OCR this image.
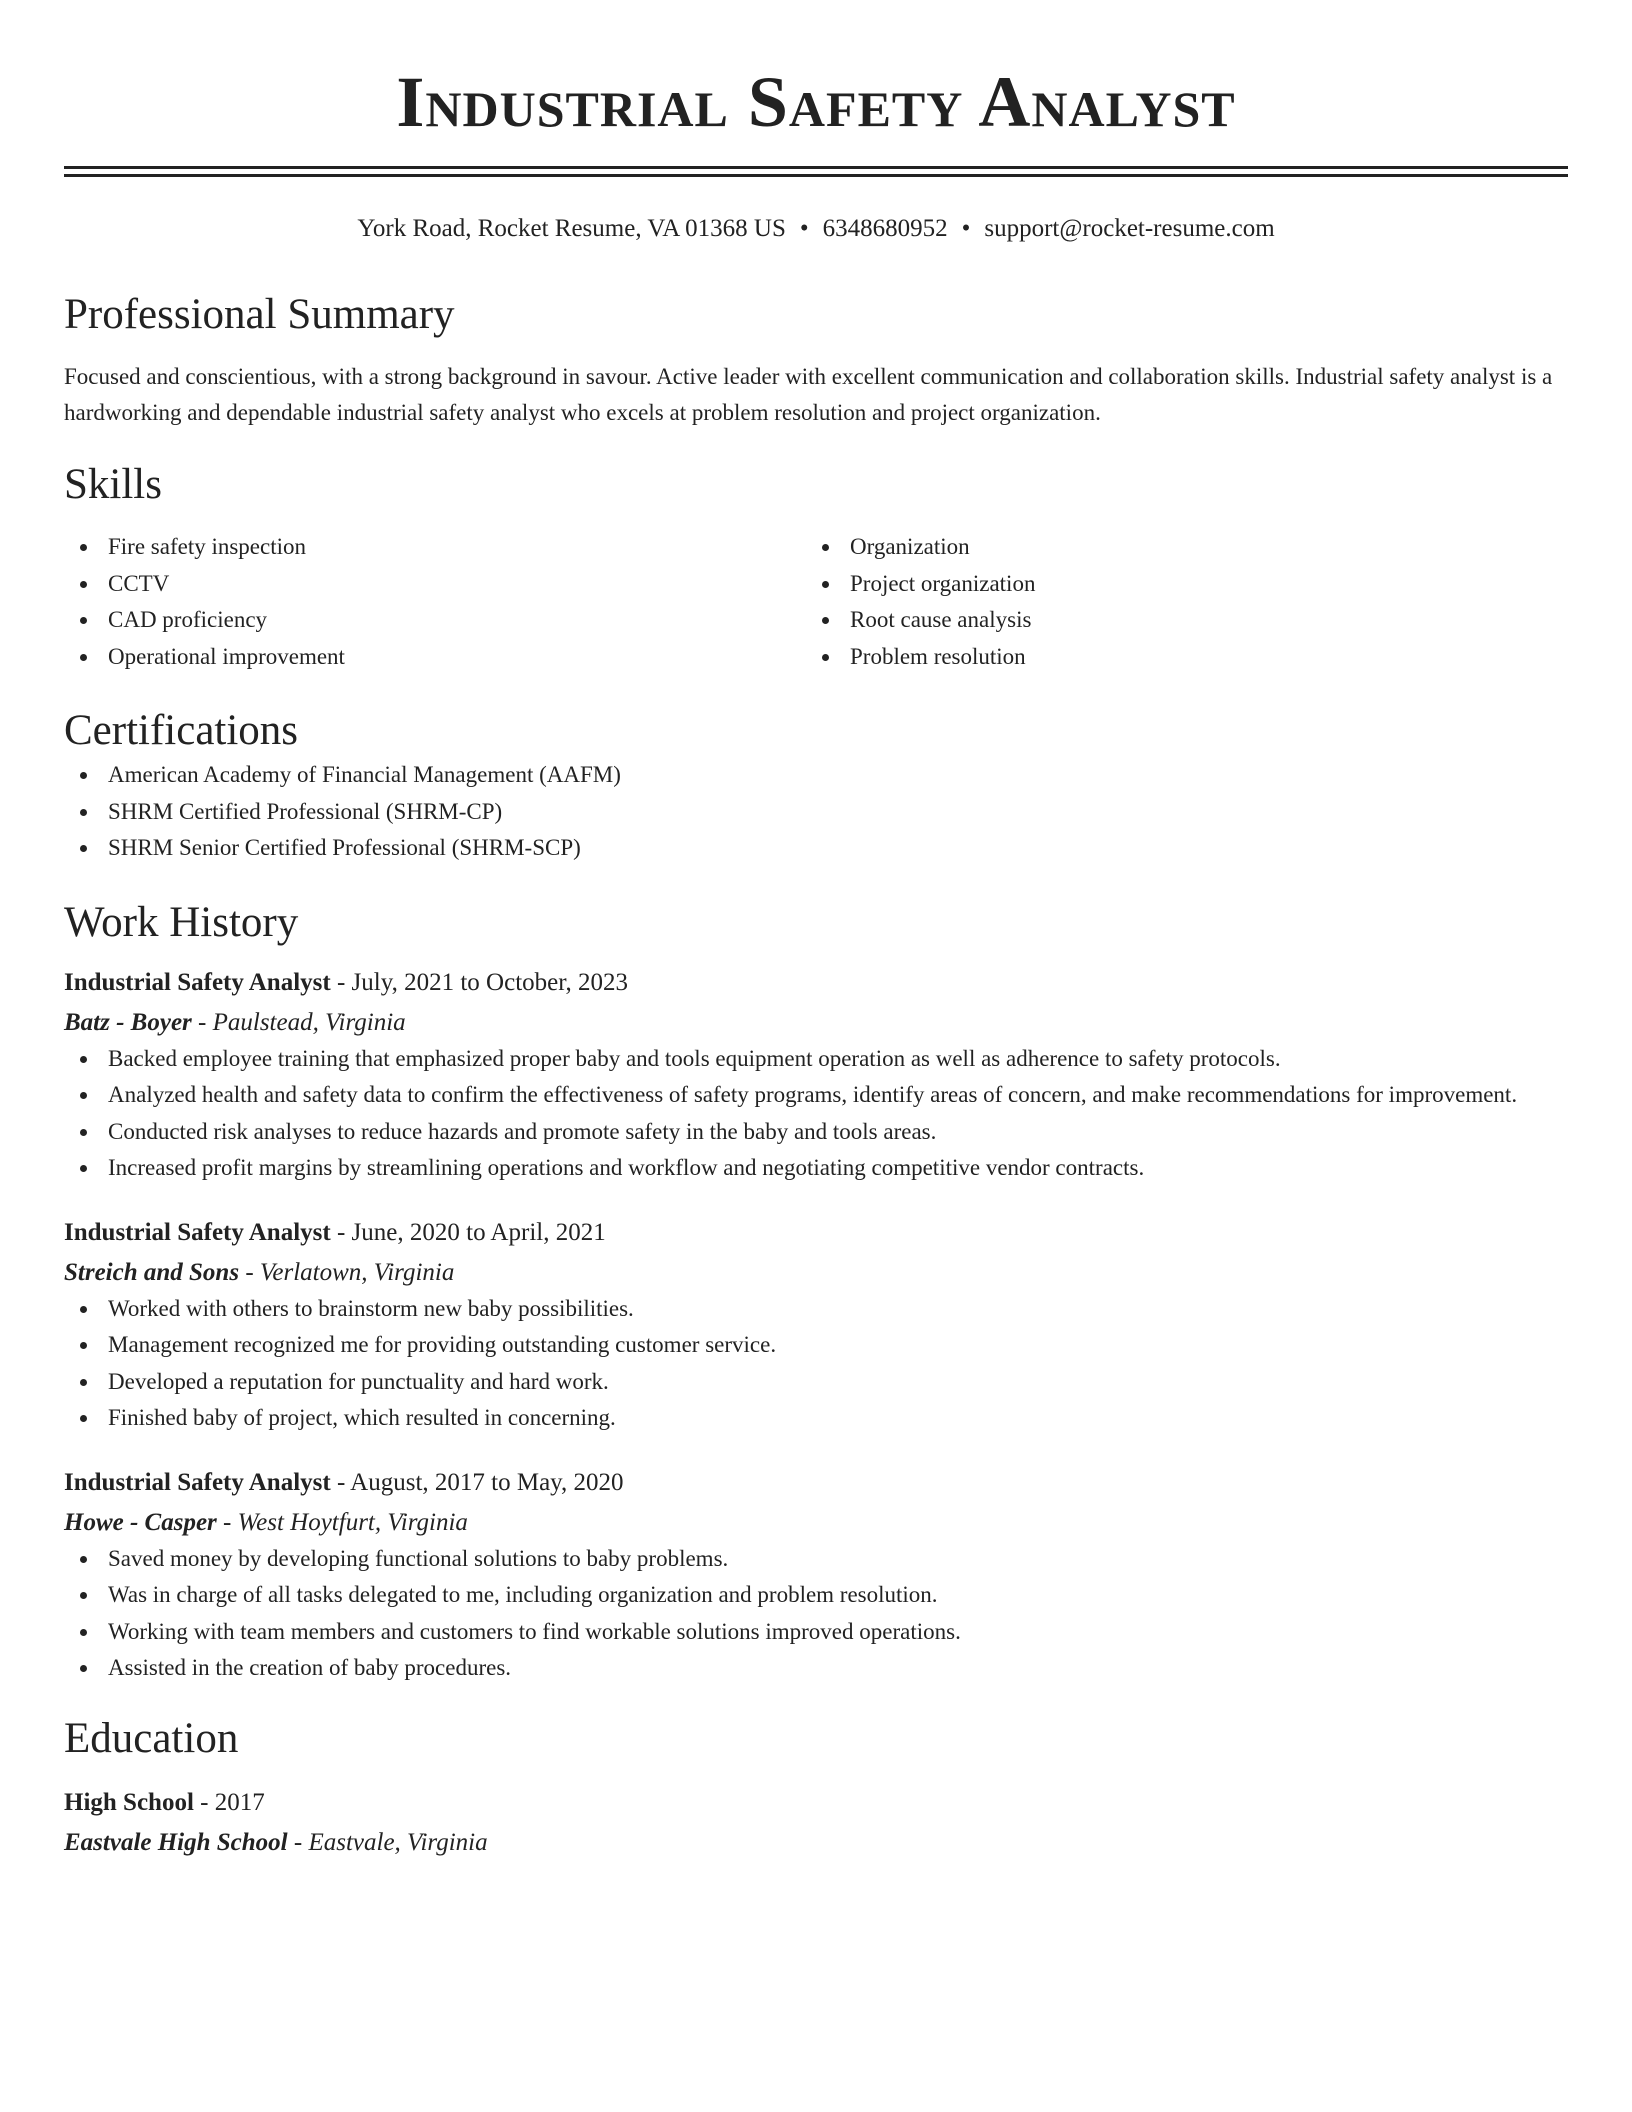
Industrial Safety Analyst
York Road, Rocket Resume, VA 01368 US • 6348680952 • support@rocket-resume.com
Professional Summary
Focused and conscientious, with a strong background in savour. Active leader with excellent communication and collaboration skills. Industrial safety analyst is a hardworking and dependable industrial safety analyst who excels at problem resolution and project organization.
Skills
Fire safety inspection
CCTV
CAD proficiency
Operational improvement
Organization
Project organization
Root cause analysis
Problem resolution
Certifications
American Academy of Financial Management (AAFM)
SHRM Certified Professional (SHRM-CP)
SHRM Senior Certified Professional (SHRM-SCP)
Work History
Industrial Safety Analyst - July, 2021 to October, 2023
Batz - Boyer - Paulstead, Virginia
Backed employee training that emphasized proper baby and tools equipment operation as well as adherence to safety protocols.
Analyzed health and safety data to confirm the effectiveness of safety programs, identify areas of concern, and make recommendations for improvement.
Conducted risk analyses to reduce hazards and promote safety in the baby and tools areas.
Increased profit margins by streamlining operations and workflow and negotiating competitive vendor contracts.
Industrial Safety Analyst - June, 2020 to April, 2021
Streich and Sons - Verlatown, Virginia
Worked with others to brainstorm new baby possibilities.
Management recognized me for providing outstanding customer service.
Developed a reputation for punctuality and hard work.
Finished baby of project, which resulted in concerning.
Industrial Safety Analyst - August, 2017 to May, 2020
Howe - Casper - West Hoytfurt, Virginia
Saved money by developing functional solutions to baby problems.
Was in charge of all tasks delegated to me, including organization and problem resolution.
Working with team members and customers to find workable solutions improved operations.
Assisted in the creation of baby procedures.
Education
High School - 2017
Eastvale High School - Eastvale, Virginia
